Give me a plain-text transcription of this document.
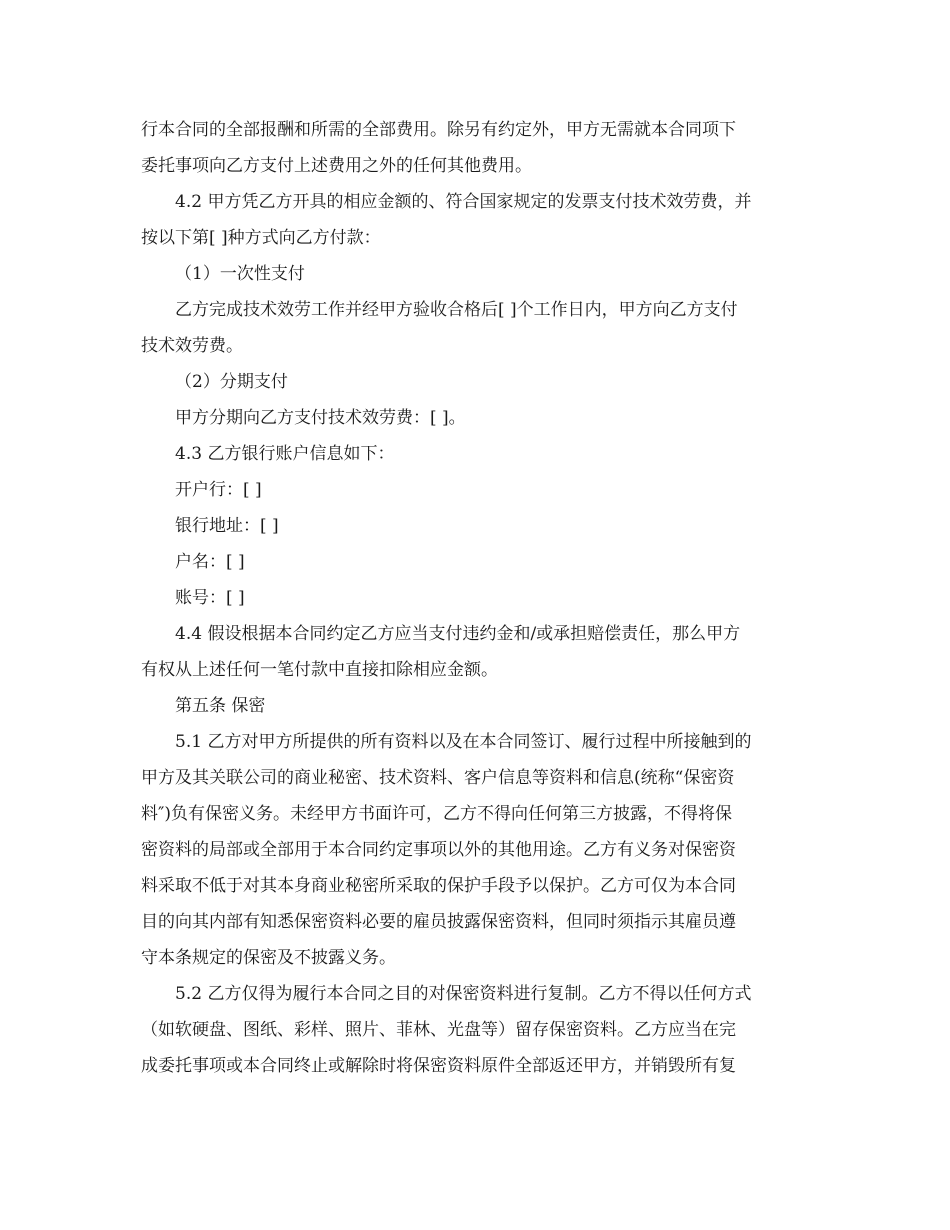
行本合同的全部报酬和所需的全部费用。除另有约定外，甲方无需就本合同项下
委托事项向乙方支付上述费用之外的任何其他费用。
4.2 甲方凭乙方开具的相应金额的、符合国家规定的发票支付技术效劳费，并
按以下第[ ]种方式向乙方付款：
（1）一次性支付
乙方完成技术效劳工作并经甲方验收合格后[ ]个工作日内，甲方向乙方支付
技术效劳费。
（2）分期支付
甲方分期向乙方支付技术效劳费：[ ]。
4.3 乙方银行账户信息如下：
开户行：[ ]
银行地址：[ ]
户名：[ ]
账号：[ ]
4.4 假设根据本合同约定乙方应当支付违约金和/或承担赔偿责任，那么甲方
有权从上述任何一笔付款中直接扣除相应金额。
第五条 保密
5.1 乙方对甲方所提供的所有资料以及在本合同签订、履行过程中所接触到的
甲方及其关联公司的商业秘密、技术资料、客户信息等资料和信息(统称“保密资
料″)负有保密义务。未经甲方书面许可，乙方不得向任何第三方披露，不得将保
密资料的局部或全部用于本合同约定事项以外的其他用途。乙方有义务对保密资
料采取不低于对其本身商业秘密所采取的保护手段予以保护。乙方可仅为本合同
目的向其内部有知悉保密资料必要的雇员披露保密资料，但同时须指示其雇员遵
守本条规定的保密及不披露义务。
5.2 乙方仅得为履行本合同之目的对保密资料进行复制。乙方不得以任何方式
（如软硬盘、图纸、彩样、照片、菲林、光盘等）留存保密资料。乙方应当在完
成委托事项或本合同终止或解除时将保密资料原件全部返还甲方，并销毁所有复
